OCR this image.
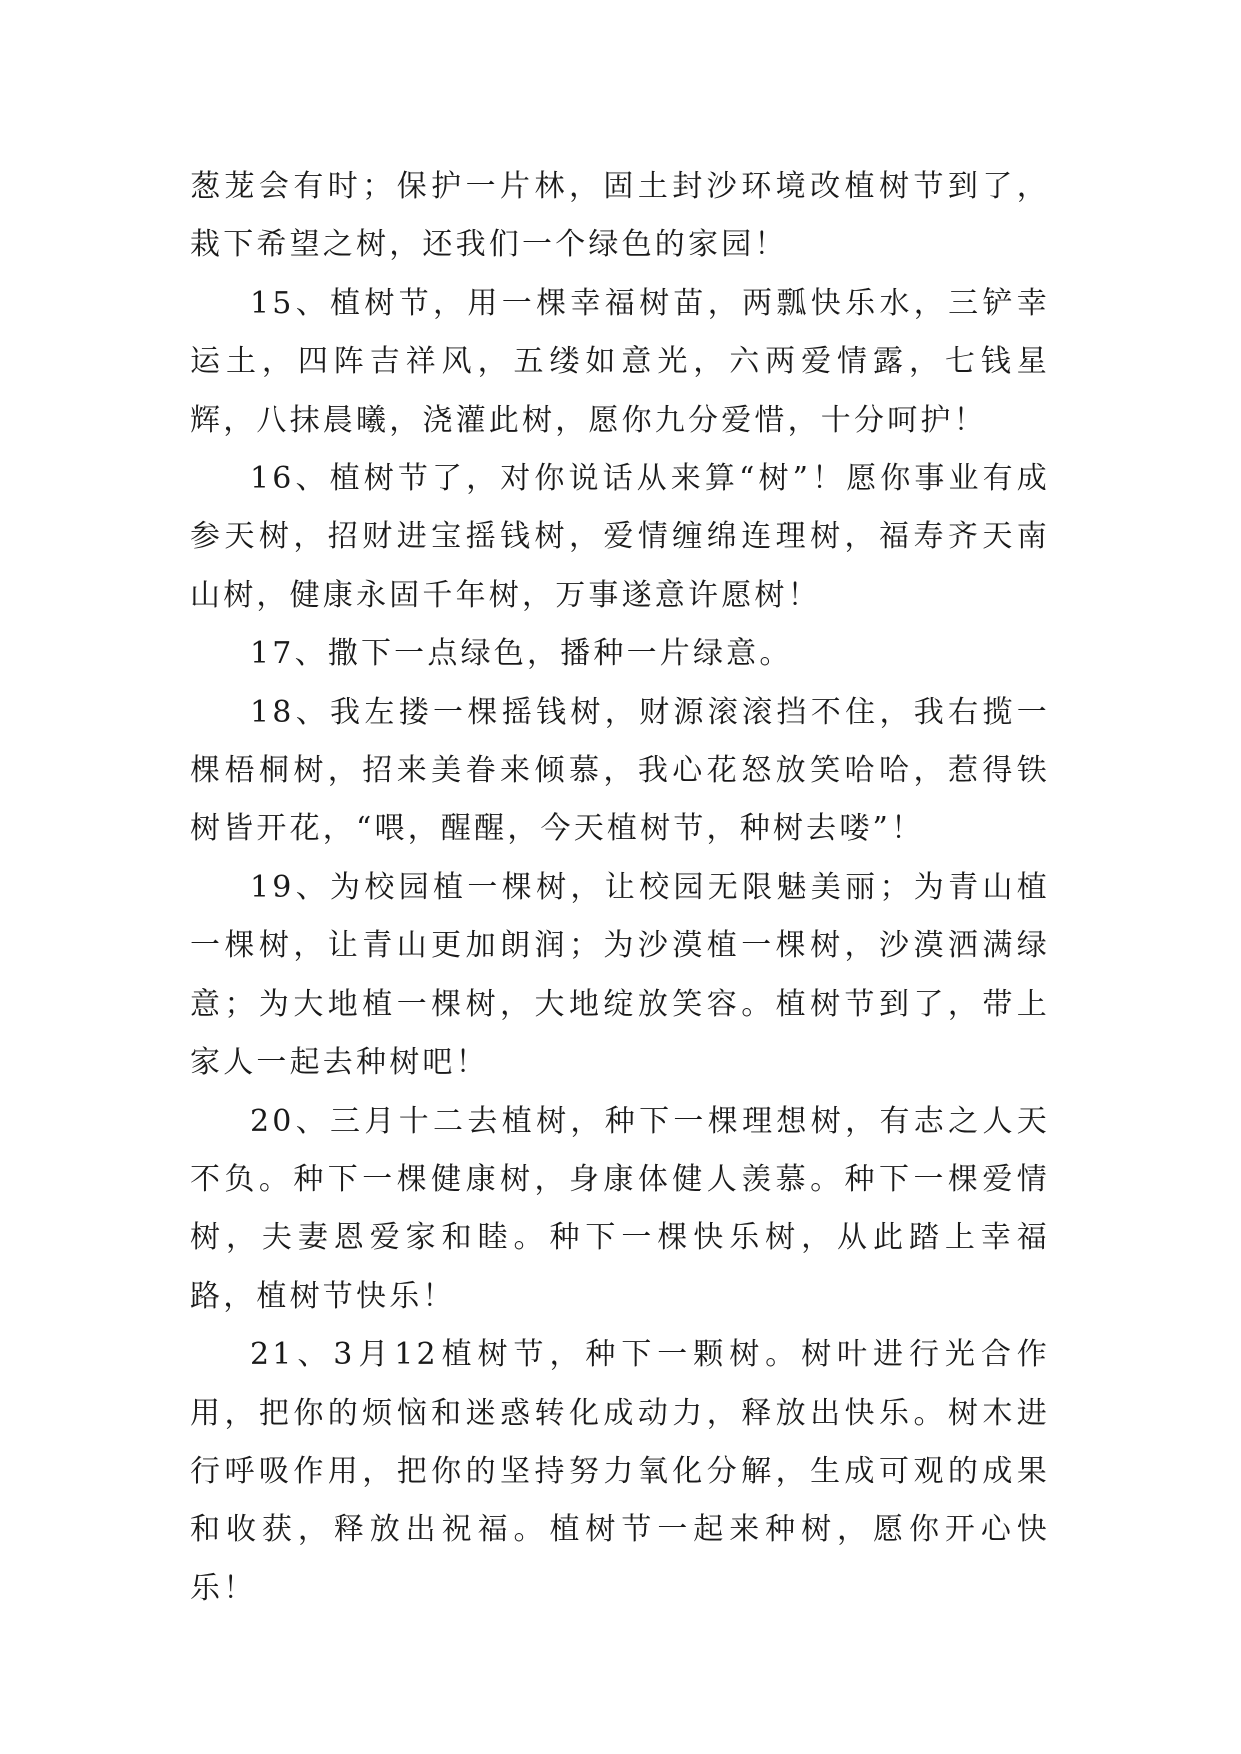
葱茏会有时；保护一片林，固土封沙环境改植树节到了，栽下希望之树，还我们一个绿色的家园！

15、植树节，用一棵幸福树苗，两瓢快乐水，三铲幸运土，四阵吉祥风，五缕如意光，六两爱情露，七钱星辉，八抹晨曦，浇灌此树，愿你九分爱惜，十分呵护！

16、植树节了，对你说话从来算“树”！愿你事业有成参天树，招财进宝摇钱树，爱情缠绵连理树，福寿齐天南山树，健康永固千年树，万事遂意许愿树！

17、撒下一点绿色，播种一片绿意。

18、我左搂一棵摇钱树，财源滚滚挡不住，我右揽一棵梧桐树，招来美眷来倾慕，我心花怒放笑哈哈，惹得铁树皆开花，“喂，醒醒，今天植树节，种树去喽”！

19、为校园植一棵树，让校园无限魅美丽；为青山植一棵树，让青山更加朗润；为沙漠植一棵树，沙漠洒满绿意；为大地植一棵树，大地绽放笑容。植树节到了，带上家人一起去种树吧！

20、三月十二去植树，种下一棵理想树，有志之人天不负。种下一棵健康树，身康体健人羡慕。种下一棵爱情树，夫妻恩爱家和睦。种下一棵快乐树，从此踏上幸福路，植树节快乐！

21、3月12植树节，种下一颗树。树叶进行光合作用，把你的烦恼和迷惑转化成动力，释放出快乐。树木进行呼吸作用，把你的坚持努力氧化分解，生成可观的成果和收获，释放出祝福。植树节一起来种树，愿你开心快乐！
